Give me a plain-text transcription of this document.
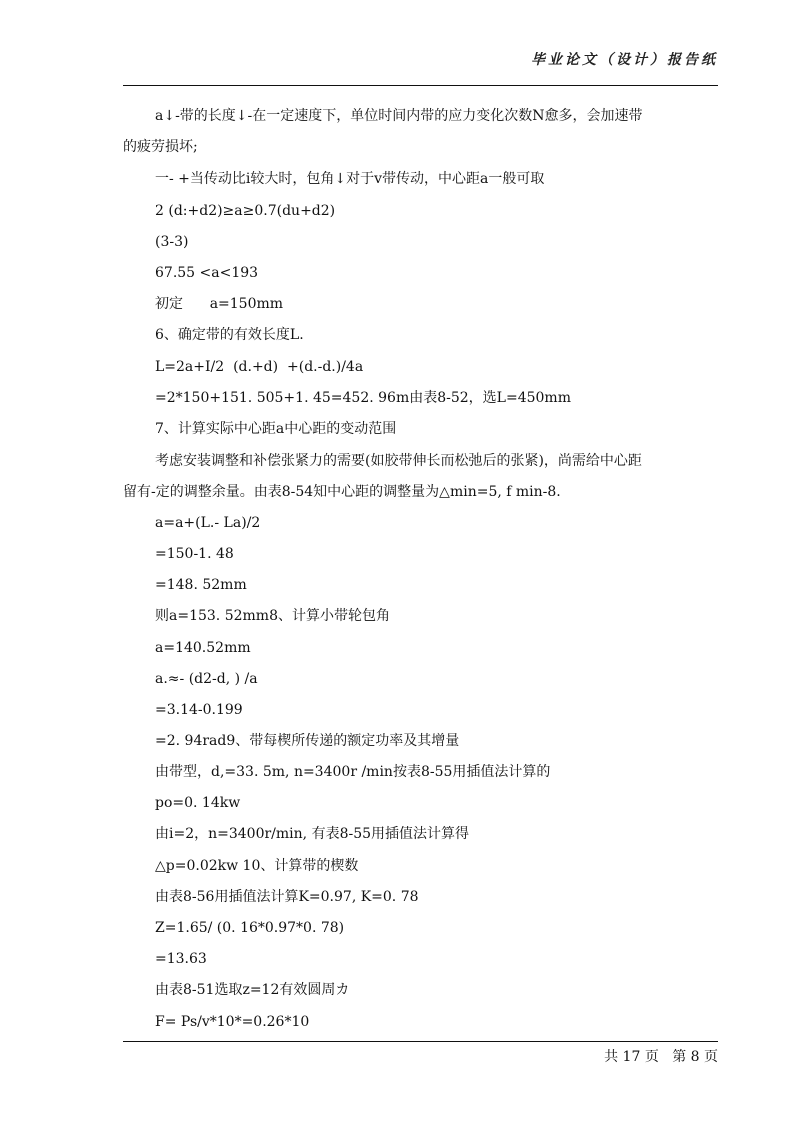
毕业论文（设计）报告纸
a↓-带的长度↓-在一定速度下，单位时间内带的应力变化次数N愈多，会加速带
的疲劳损坏;
一- +当传动比i较大时，包角↓对于v带传动，中心距a一般可取
2 (d:+d2)≥a≥0.7(du+d2)
(3-3)
67.55 <a<193
初定      a=150mm
6、确定带的有效长度L.
L=2a+I/2  (d.+d)  +(d.-d.)/4a
=2*150+151. 505+1. 45=452. 96m由表8-52，选L=450mm
7、计算实际中心距a中心距的变动范围
考虑安装调整和补偿张紧力的需要(如胶带伸长而松弛后的张紧)，尚需给中心距
留有-定的调整余量。由表8-54知中心距的调整量为△min=5, f min-8.
a=a+(L.- La)/2
=150-1. 48
=148. 52mm
则a=153. 52mm8、计算小带轮包角
a=140.52mm
a.≈- (d2-d, ) /a
=3.14-0.199
=2. 94rad9、带每楔所传递的额定功率及其增量
由带型，d,=33. 5m, n=3400r /min按表8-55用插值法计算的
po=0. 14kw
由i=2，n=3400r/min, 有表8-55用插值法计算得
△p=0.02kw 10、计算带的楔数
由表8-56用插值法计算K=0.97, K=0. 78
Z=1.65/ (0. 16*0.97*0. 78)
=13.63
由表8-51选取z=12有效圆周カ
F= Ps/v*10*=0.26*10
共 17 页 第 8 页
